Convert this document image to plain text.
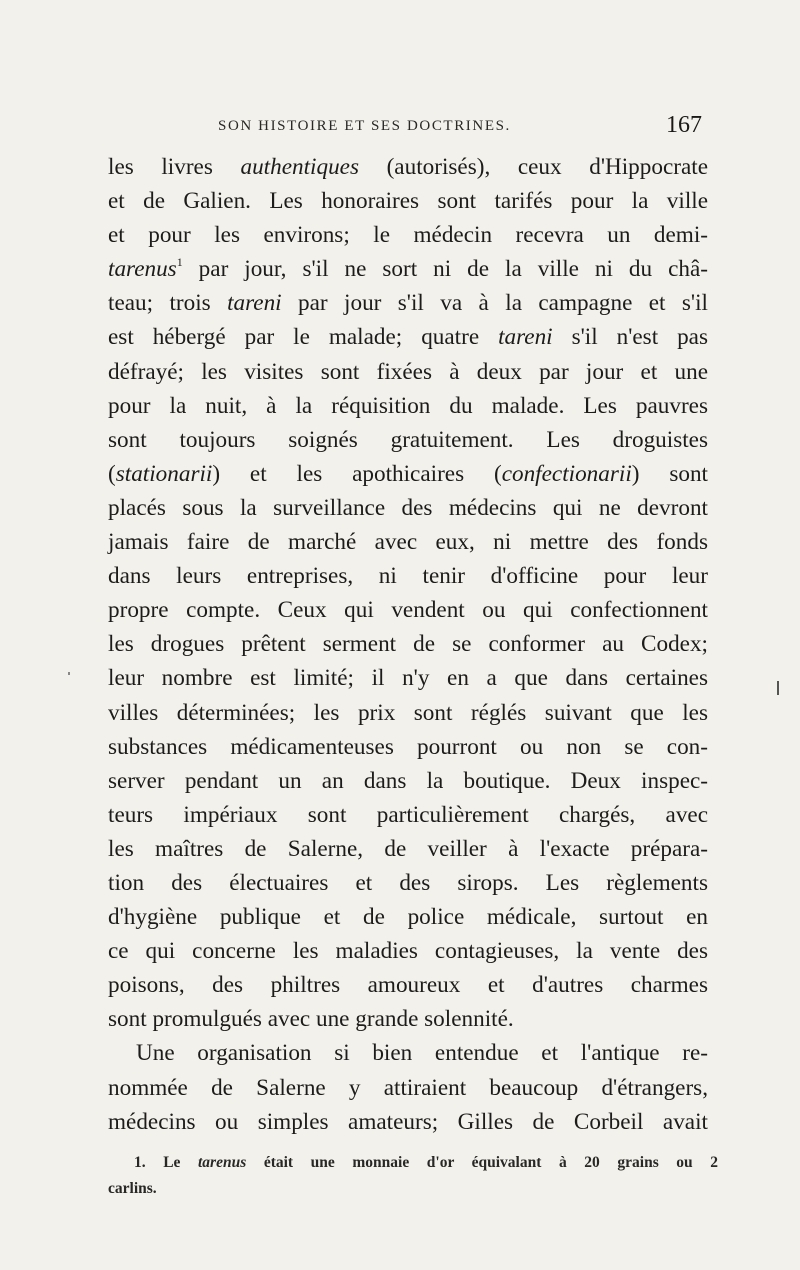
SON HISTOIRE ET SES DOCTRINES.	167
les livres authentiques (autorisés), ceux d'Hippocrate
et de Galien. Les honoraires sont tarifés pour la ville
et pour les environs; le médecin recevra un demi-
tarenus$^1$ par jour, s'il ne sort ni de la ville ni du châ-
teau; trois tareni par jour s'il va à la campagne et s'il
est hébergé par le malade; quatre tareni s'il n'est pas
défrayé; les visites sont fixées à deux par jour et une
pour la nuit, à la réquisition du malade. Les pauvres
sont toujours soignés gratuitement. Les droguistes
(stationarii) et les apothicaires (confectionarii) sont
placés sous la surveillance des médecins qui ne devront
jamais faire de marché avec eux, ni mettre des fonds
dans leurs entreprises, ni tenir d'officine pour leur
propre compte. Ceux qui vendent ou qui confectionnent
les drogues prêtent serment de se conformer au Codex;
leur nombre est limité; il n'y en a que dans certaines
villes déterminées; les prix sont réglés suivant que les
substances médicamenteuses pourront ou non se con-
server pendant un an dans la boutique. Deux inspec-
teurs impériaux sont particulièrement chargés, avec
les maîtres de Salerne, de veiller à l'exacte prépara-
tion des électuaires et des sirops. Les règlements
d'hygiène publique et de police médicale, surtout en
ce qui concerne les maladies contagieuses, la vente des
poisons, des philtres amoureux et d'autres charmes
sont promulgués avec une grande solennité.
Une organisation si bien entendue et l'antique re-
nommée de Salerne y attiraient beaucoup d'étrangers,
médecins ou simples amateurs; Gilles de Corbeil avait
1. Le tarenus était une monnaie d'or équivalant à 20 grains ou 2
carlins.
